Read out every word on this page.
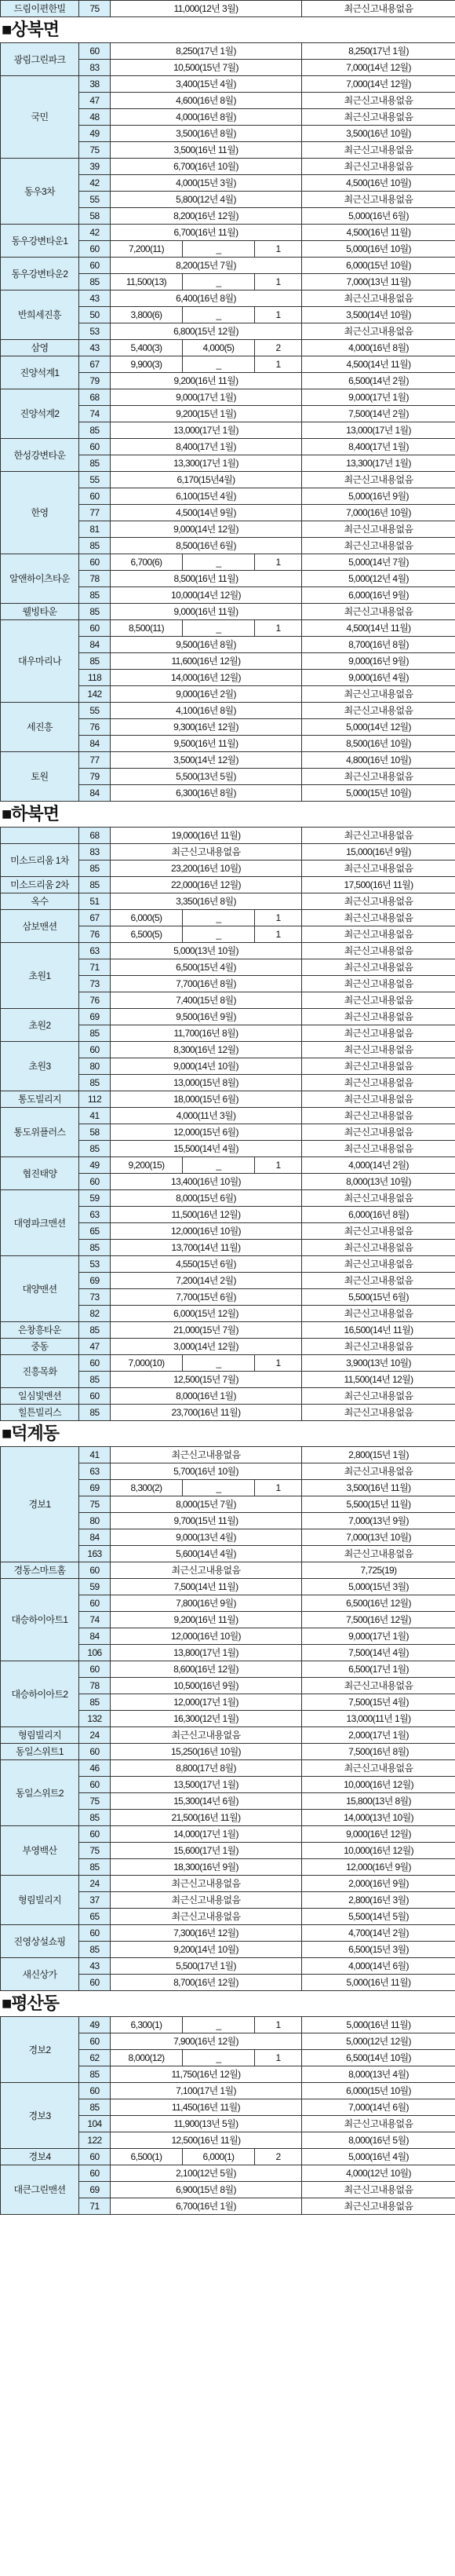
드림이편한빌	75	11,000(12년 3월)	최근신고내용없음
■상북면
광림그린파크	60	8,250(17년 1월)			8,250(17년 1월)
	83	10,500(15년 7월)			7,000(14년 12월)
국민	38	3,400(15년 4월)			7,000(14년 12월)
	47	4,600(16년 8월)			최근신고내용없음
	48	4,000(16년 8월)			최근신고내용없음
	49	3,500(16년 8월)			3,500(16년 10월)
	75	3,500(16년 11월)			최근신고내용없음
동우3차	39	6,700(16년 10월)			최근신고내용없음
	42	4,000(15년 3월)			4,500(16년 10월)
	55	5,800(12년 4월)			최근신고내용없음
	58	8,200(16년 12월)			5,000(16년 6월)
동우강변타운1	42	6,700(16년 11월)			4,500(16년 11월)
	60	7,200(11)	_	1	5,000(16년 10월)
동우강변타운2	60	8,200(15년 7월)			6,000(15년 10월)
	85	11,500(13)	_	1	7,000(13년 11월)
반희세진흥	43	6,400(16년 8월)			최근신고내용없음
	50	3,800(6)	_	1	3,500(14년 10월)
	53	6,800(15년 12월)			최근신고내용없음
삼영	43	5,400(3)	4,000(5)	2	4,000(16년 8월)
진양석계1	67	9,900(3)	_	1	4,500(14년 11월)
	79	9,200(16년 11월)			6,500(14년 2월)
진양석계2	68	9,000(17년 1월)			9,000(17년 1월)
	74	9,200(15년 1월)			7,500(14년 2월)
	85	13,000(17년 1월)			13,000(17년 1월)
한성강변타운	60	8,400(17년 1월)			8,400(17년 1월)
	85	13,300(17년 1월)			13,300(17년 1월)
한영	55	6,170(15년4월)			최근신고내용없음
	60	6,100(15년 4월)			5,000(16년 9월)
	77	4,500(14년 9월)			7,000(16년 10월)
	81	9,000(14년 12월)			최근신고내용없음
	85	8,500(16년 6월)			최근신고내용없음
알앤하이츠타운	60	6,700(6)	_	1	5,000(14년 7월)
	78	8,500(16년 11월)			5,000(12년 4월)
	85	10,000(14년 12월)			6,000(16년 9월)
웰빙타운	85	9,000(16년 11월)			최근신고내용없음
대우마리나	60	8,500(11)	_	1	4,500(14년 11월)
	84	9,500(16년 8월)			8,700(16년 8월)
	85	11,600(16년 12월)			9,000(16년 9월)
	118	14,000(16년 12월)			9,000(16년 4월)
	142	9,000(16년 2월)			최근신고내용없음
세진흥	55	4,100(16년 8월)			최근신고내용없음
	76	9,300(16년 12월)			5,000(14년 12월)
	84	9,500(16년 11월)			8,500(16년 10월)
토원	77	3,500(14년 12월)			4,800(16년 10월)
	79	5,500(13년 5월)			최근신고내용없음
	84	6,300(16년 8월)			5,000(15년 10월)
■하북면
	68	19,000(16년 11월)			최근신고내용없음
미소드리움 1차	83	최근신고내용없음			15,000(16년 9월)
	85	23,200(16년 10월)			최근신고내용없음
미소드리움 2차	85	22,000(16년 12월)			17,500(16년 11월)
옥수	51	3,350(16년 8월)			최근신고내용없음
삼보맨션	67	6,000(5)	_	1	최근신고내용없음
	76	6,500(5)	_	1	최근신고내용없음
초원1	63	5,000(13년 10월)			최근신고내용없음
	71	6,500(15년 4월)			최근신고내용없음
	73	7,700(16년 8월)			최근신고내용없음
	76	7,400(15년 8월)			최근신고내용없음
초원2	69	9,500(16년 9월)			최근신고내용없음
	85	11,700(16년 8월)			최근신고내용없음
초원3	60	8,300(16년 12월)			최근신고내용없음
	80	9,000(14년 10월)			최근신고내용없음
	85	13,000(15년 8월)			최근신고내용없음
통도빌리지	112	18,000(15년 6월)			최근신고내용없음
통도위플러스	41	4,000(11년 3월)			최근신고내용없음
	58	12,000(15년 6월)			최근신고내용없음
	85	15,500(14년 4월)			최근신고내용없음
협진태양	49	9,200(15)	_	1	4,000(14년 2월)
	60	13,400(16년 10월)			8,000(13년 10월)
대영파크맨션	59	8,000(15년 6월)			최근신고내용없음
	63	11,500(16년 12월)			6,000(16년 8월)
	65	12,000(16년 10월)			최근신고내용없음
	85	13,700(14년 11월)			최근신고내용없음
대양맨션	53	4,550(15년 6월)			최근신고내용없음
	69	7,200(14년 2월)			최근신고내용없음
	73	7,700(15년 6월)			5,500(15년 6월)
	82	6,000(15년 12월)			최근신고내용없음
은창흥타운	85	21,000(15년 7월)			16,500(14년 11월)
중동	47	3,000(14년 12월)			최근신고내용없음
진흥목화	60	7,000(10)	_	1	3,900(13년 10월)
	85	12,500(15년 7월)			11,500(14년 12월)
일심빛맨션	60	8,000(16년 1월)			최근신고내용없음
힐튼빌리스	85	23,700(16년 11월)			최근신고내용없음
■덕계동
경보1	41	최근신고내용없음			2,800(15년 1월)	
	63	5,700(16년 10월)			최근신고내용없음	
	69	8,300(2)	_	1	3,500(16년 11월)	
	75	8,000(15년 7월)			5,500(15년 11월)	
	80	9,700(15년 11월)			7,000(13년 9월)	
	84	9,000(13년 4월)			7,000(13년 10월)	
	163	5,600(14년 4월)			최근신고내용없음	
경동스마트홈	60	최근신고내용없음			7,725(19)	
대승하이아트1	59	7,500(14년 11월)			5,000(15년 3월)	
	60	7,800(16년 9월)			6,500(16년 12월)	
	74	9,200(16년 11월)			7,500(16년 12월)	
	84	12,000(16년 10월)			9,000(17년 1월)	
	106	13,800(17년 1월)			7,500(14년 4월)	
대승하이아트2	60	8,600(16년 12월)			6,500(17년 1월)	
	78	10,500(16년 9월)			최근신고내용없음	
	85	12,000(17년 1월)			7,500(15년 4월)	
	132	16,300(12년 1월)			13,000(11년 1월)	
형림빌리지	24	최근신고내용없음			2,000(17년 1월)	
동일스위트1	60	15,250(16년 10월)			7,500(16년 8월)	
동일스위트2	46	8,800(17년 8월)			최근신고내용없음	
	60	13,500(17년 1월)			10,000(16년 12월)	
	75	15,300(14년 6월)			15,800(13년 8월)	
	85	21,500(16년 11월)			14,000(13년 10월)	
부영백산	60	14,000(17년 1월)			9,000(16년 12월)	
	75	15,600(17년 1월)			10,000(16년 12월)	
	85	18,300(16년 9월)			12,000(16년 9월)	
형림빌리지	24	최근신고내용없음			2,000(16년 9월)	
	37	최근신고내용없음			2,800(16년 3월)	
	65	최근신고내용없음			5,500(14년 5월)	
진영상설쇼핑	60	7,300(16년 12월)			4,700(14년 2월)	
	85	9,200(14년 10월)			6,500(15년 3월)	
새신상가	43	5,500(17년 1월)			4,000(14년 6월)	
	60	8,700(16년 12월)			5,000(16년 11월)	
■평산동
경보2	49	6,300(1)	_	1	5,000(16년 11월)
	60	7,900(16년 12월)			5,000(12년 12월)
	62	8,000(12)	_	1	6,500(14년 10월)
	85	11,750(16년 12월)			8,000(13년 4월)
경보3	60	7,100(17년 1월)			6,000(15년 10월)
	85	11,450(16년 11월)			7,000(14년 6월)
	104	11,900(13년 5월)			최근신고내용없음
	122	12,500(16년 11월)			8,000(16년 5월)
경보4	60	6,500(1)	6,000(1)	2	5,000(16년 4월)
대큰그린맨션	60	2,100(12년 5월)			4,000(12년 10월)
	69	6,900(15년 8월)			최근신고내용없음
	71	6,700(16년 1월)			최근신고내용없음
